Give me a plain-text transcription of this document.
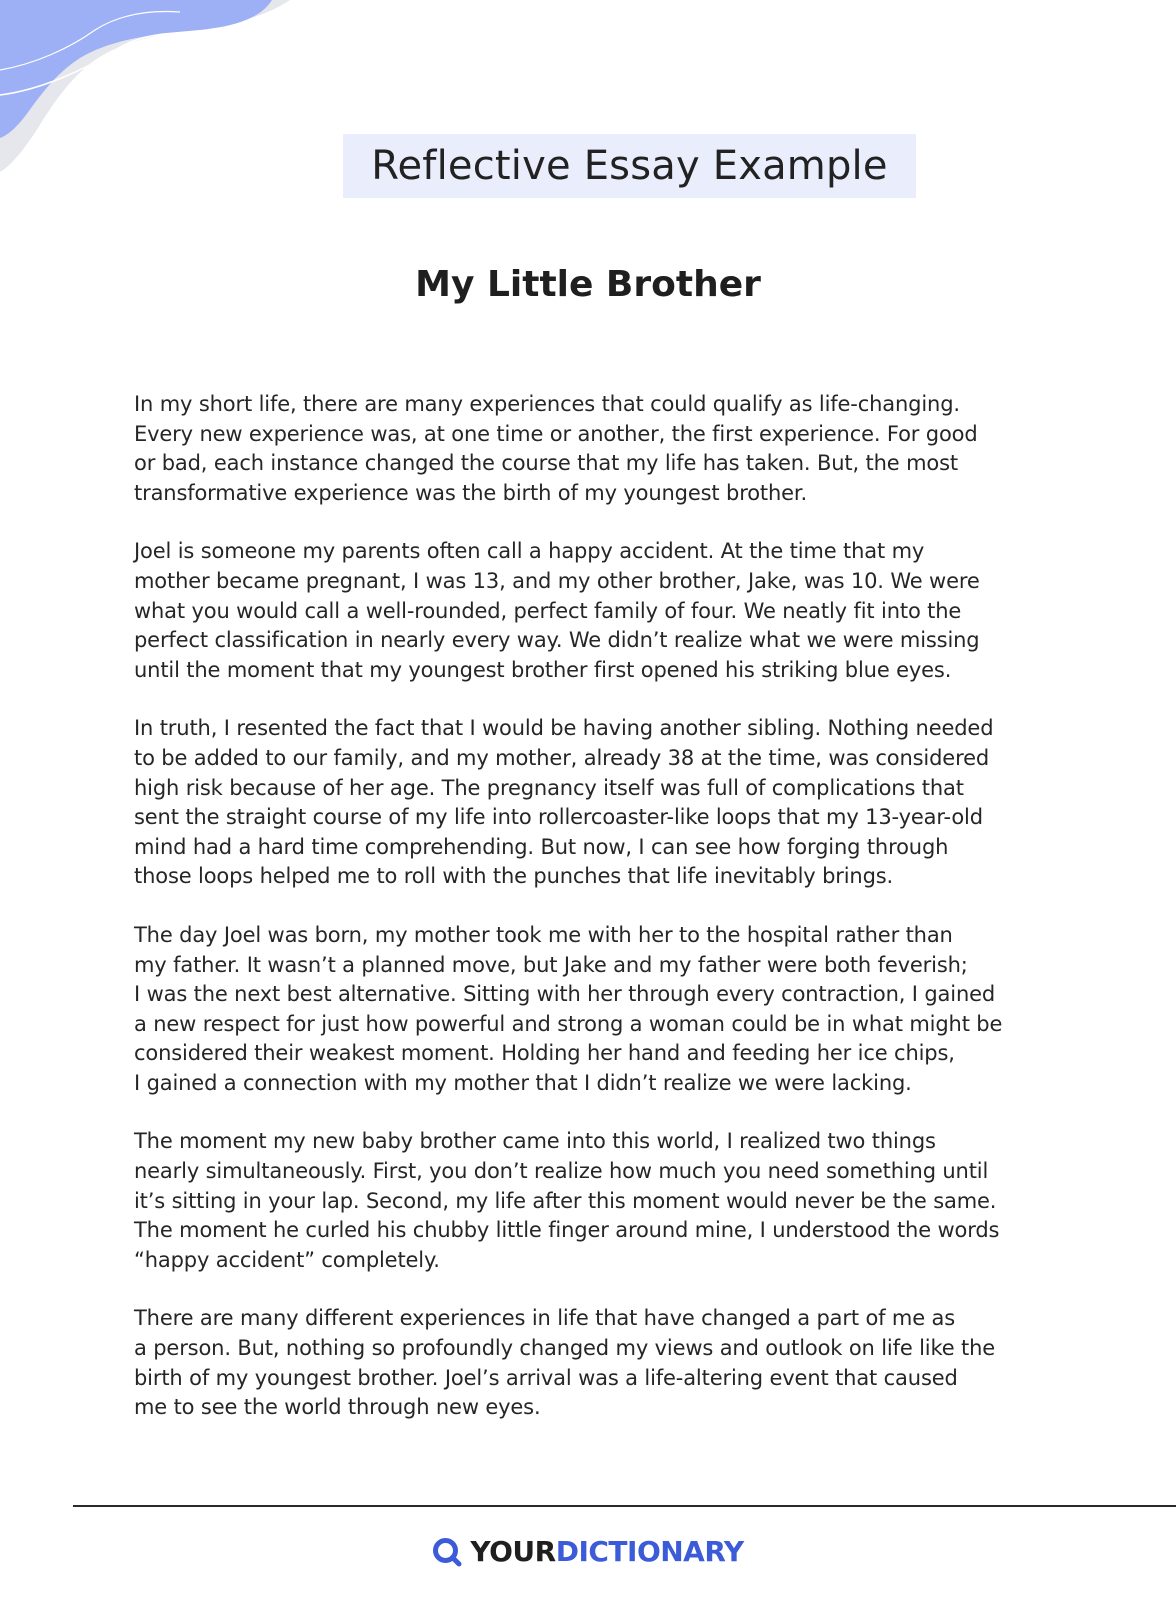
Reflective Essay Example
My Little Brother

In my short life, there are many experiences that could qualify as life-changing.
Every new experience was, at one time or another, the first experience. For good
or bad, each instance changed the course that my life has taken. But, the most
transformative experience was the birth of my youngest brother.

Joel is someone my parents often call a happy accident. At the time that my
mother became pregnant, I was 13, and my other brother, Jake, was 10. We were
what you would call a well-rounded, perfect family of four. We neatly fit into the
perfect classification in nearly every way. We didn’t realize what we were missing
until the moment that my youngest brother first opened his striking blue eyes.

In truth, I resented the fact that I would be having another sibling. Nothing needed
to be added to our family, and my mother, already 38 at the time, was considered
high risk because of her age. The pregnancy itself was full of complications that
sent the straight course of my life into rollercoaster-like loops that my 13-year-old
mind had a hard time comprehending. But now, I can see how forging through
those loops helped me to roll with the punches that life inevitably brings.

The day Joel was born, my mother took me with her to the hospital rather than
my father. It wasn’t a planned move, but Jake and my father were both feverish;
I was the next best alternative. Sitting with her through every contraction, I gained
a new respect for just how powerful and strong a woman could be in what might be
considered their weakest moment. Holding her hand and feeding her ice chips,
I gained a connection with my mother that I didn’t realize we were lacking.

The moment my new baby brother came into this world, I realized two things
nearly simultaneously. First, you don’t realize how much you need something until
it’s sitting in your lap. Second, my life after this moment would never be the same.
The moment he curled his chubby little finger around mine, I understood the words
“happy accident” completely.

There are many different experiences in life that have changed a part of me as
a person. But, nothing so profoundly changed my views and outlook on life like the
birth of my youngest brother. Joel’s arrival was a life-altering event that caused
me to see the world through new eyes.

YOURDICTIONARY
